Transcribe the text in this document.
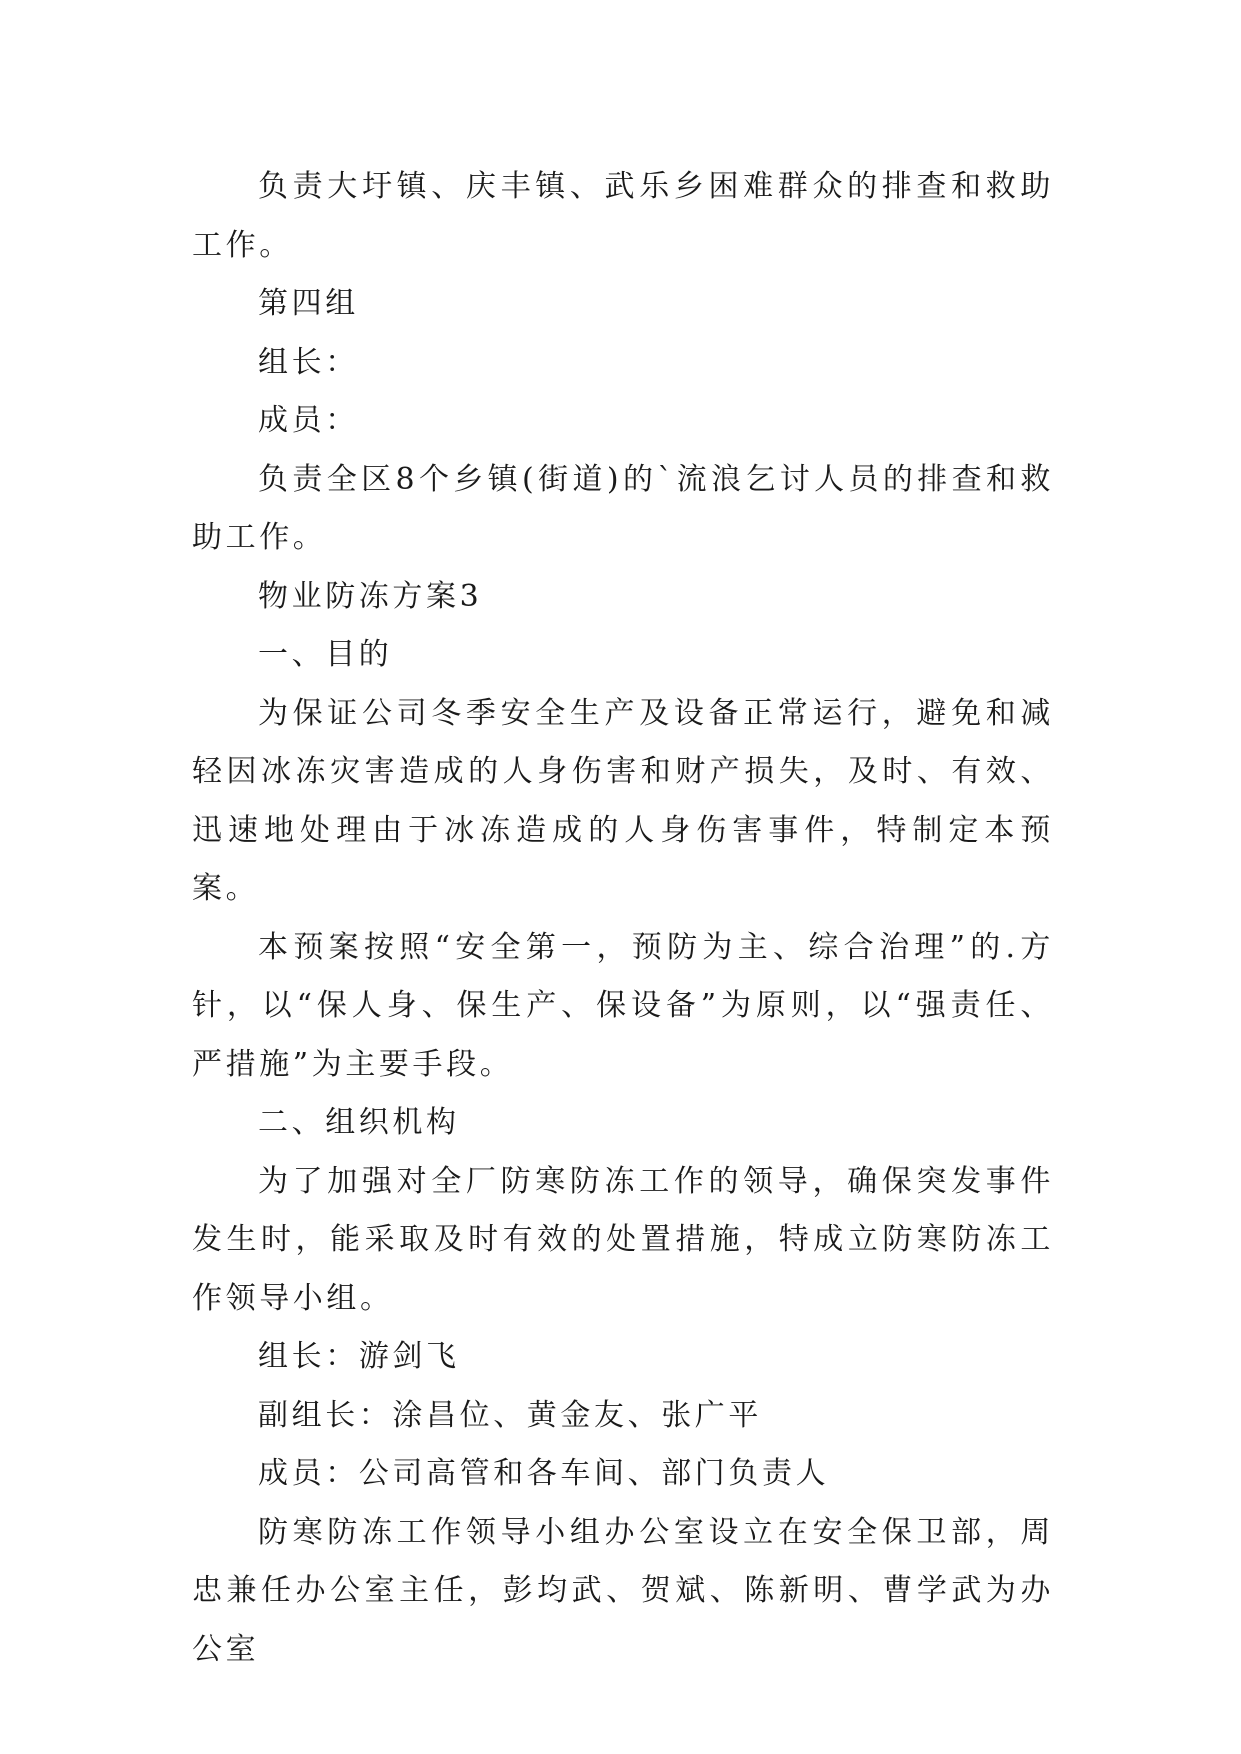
负责大圩镇、庆丰镇、武乐乡困难群众的排查和救助工作。

第四组

组长：

成员：

负责全区8个乡镇(街道)的`流浪乞讨人员的排查和救助工作。

物业防冻方案3

一、目的

为保证公司冬季安全生产及设备正常运行，避免和减轻因冰冻灾害造成的人身伤害和财产损失，及时、有效、迅速地处理由于冰冻造成的人身伤害事件，特制定本预案。

本预案按照“安全第一，预防为主、综合治理”的.方针，以“保人身、保生产、保设备”为原则，以“强责任、严措施”为主要手段。

二、组织机构

为了加强对全厂防寒防冻工作的领导，确保突发事件发生时，能采取及时有效的处置措施，特成立防寒防冻工作领导小组。

组长：游剑飞

副组长：涂昌位、黄金友、张广平

成员：公司高管和各车间、部门负责人

防寒防冻工作领导小组办公室设立在安全保卫部，周忠兼任办公室主任，彭均武、贺斌、陈新明、曹学武为办公室
